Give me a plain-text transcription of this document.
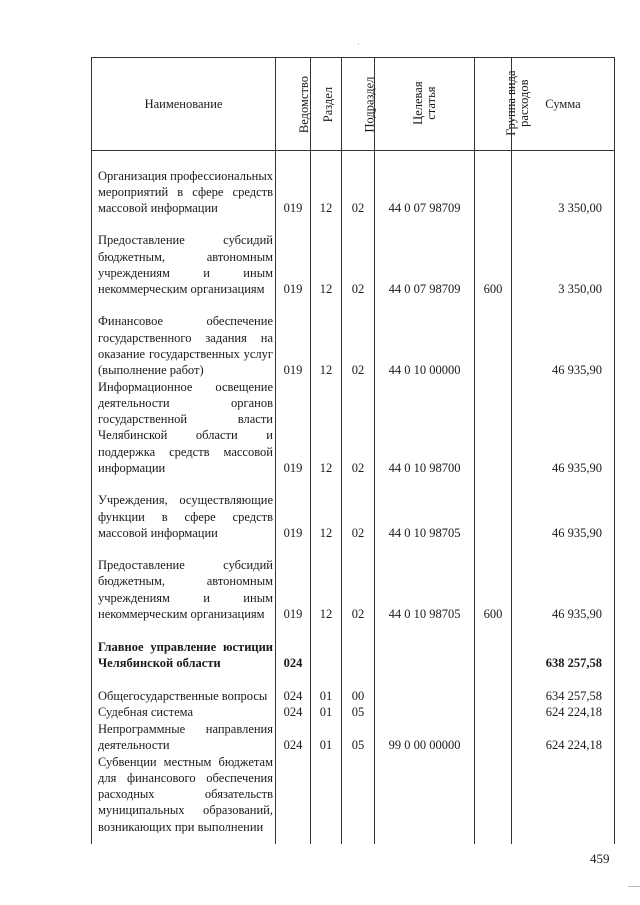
·
Наименование	Ведомство	Раздел	Подраздел	Целевая статья	Группа вида расходов	Сумма
Организация профессиональных мероприятий в сфере средств массовой информации	019	12	02	44 0 07 98709		3 350,00
Предоставление субсидий бюджетным, автономным учреждениям и иным некоммерческим организациям	019	12	02	44 0 07 98709	600	3 350,00
Финансовое обеспечение государственного задания на оказание государственных услуг (выполнение работ)	019	12	02	44 0 10 00000		46 935,90
Информационное освещение деятельности органов государственной власти Челябинской области и поддержка средств массовой информации	019	12	02	44 0 10 98700		46 935,90
Учреждения, осуществляющие функции в сфере средств массовой информации	019	12	02	44 0 10 98705		46 935,90
Предоставление субсидий бюджетным, автономным учреждениям и иным некоммерческим организациям	019	12	02	44 0 10 98705	600	46 935,90
Главное управление юстиции Челябинской области	024					638 257,58
Общегосударственные вопросы	024	01	00			634 257,58
Судебная система	024	01	05			624 224,18
Непрограммные направления деятельности	024	01	05	99 0 00 00000		624 224,18
Субвенции местным бюджетам для финансового обеспечения расходных обязательств муниципальных образований, возникающих при выполнении						
459
